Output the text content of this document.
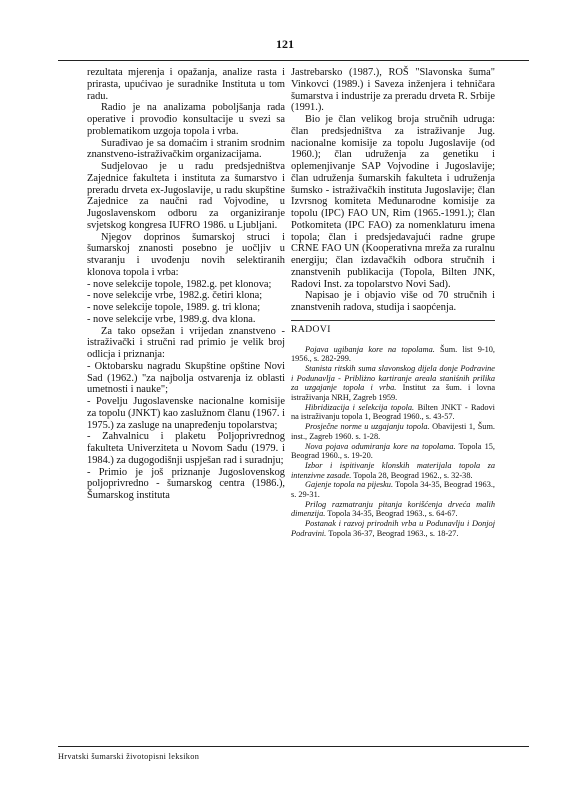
121

rezultata mjerenja i opažanja, analize rasta i prirasta, upućivao je suradnike Instituta u tom radu.

Radio je na analizama poboljšanja rada operative i provođio konsultacije u svezi sa problematikom uzgoja topola i vrba.

Surađivao je sa domaćim i stranim srodnim znanstveno-istraživačkim organizacijama.

Sudjelovao je u radu predsjedništva Zajednice fakulteta i instituta za šumarstvo i preradu drveta ex-Jugoslavije, u radu skupštine Zajednice za naučni rad Vojvodine, u Jugoslavenskom odboru za organiziranje svjetskog kongresa IUFRO 1986. u Ljubljani.

Njegov doprinos šumarskoj struci i šumarskoj znanosti posebno je uočljiv u stvaranju i uvođenju novih selektiranih klonova topola i vrba:

- nove selekcije topole, 1982.g. pet klonova;

- nove selekcije vrbe, 1982.g. četiri klona;

- nove selekcije topole, 1989. g. tri klona;

- nove selekcije vrbe, 1989.g. dva klona.

Za tako opsežan i vrijedan znanstveno - istraživački i stručni rad primio je velik broj odlicja i priznanja:

- Oktobarsku nagradu Skupštine opštine Novi Sad (1962.) "za najbolja ostvarenja iz oblasti umetnosti i nauke";

- Povelju Jugoslavenske nacionalne komisije za topolu (JNKT) kao zaslužnom članu (1967. i 1975.) za zasluge na unapređenju topolarstva;

- Zahvalnicu i plaketu Poljoprivrednog fakulteta Univerziteta u Novom Sadu (1979. i 1984.) za dugogodišnji uspješan rad i suradnju;

- Primio je još priznanje Jugoslovenskog poljoprivredno - šumarskog centra (1986.), Šumarskog instituta

Jastrebarsko (1987.), ROŠ "Slavonska šuma" Vinkovci (1989.) i Saveza inženjera i tehničara šumarstva i industrije za preradu drveta R. Srbije (1991.).

Bio je član velikog broja stručnih udruga: član predsjedništva za istraživanje Jug. nacionalne komisije za topolu Jugoslavije (od 1960.); član udruženja za genetiku i oplemenjivanje SAP Vojvodine i Jugoslavije; član udruženja šumarskih fakulteta i udruženja šumsko - istraživačkih instituta Jugoslavije; član Izvrsnog komiteta Međunarodne komisije za topolu (IPC) FAO UN, Rim (1965.-1991.); član Potkomiteta (IPC FAO) za nomenklaturu imena topola; član i predsjedavajući radne grupe CRNE FAO UN (Kooperativna mreža za ruralnu energiju; član izdavačkih odbora stručnih i znanstvenih publikacija (Topola, Bilten JNK, Radovi Inst. za topolarstvo Novi Sad).

Napisao je i objavio više od 70 stručnih i znanstvenih radova, studija i saopćenja.

RADOVI

Pojava ugibanja kore na topolama. Šum. list 9-10, 1956., s. 282-299.

Stanista ritskih suma slavonskog dijela donje Podravine i Podunavlja - Pribliżno kartiranje areala staniśnih prilika za uzgajanje topola i vrba. Institut za šum. i lovna istraživanja NRH, Zagreb 1959.

Hibridizacija i selekcija topola. Bilten JNKT - Radovi na istraživanju topola 1, Beograd 1960., s. 43-57.

Prosječne norme u uzgajanju topola. Obavijesti 1, Šum. inst., Zagreb 1960. s. 1-28.

Nova pojava odumiranja kore na topolama. Topola 15, Beograd 1960., s. 19-20.

Izbor i ispitivanje klonskih materijala topola za intenzivne zasade. Topola 28, Beograd 1962., s. 32-38.

Gajenje topola na pijesku. Topola 34-35, Beograd 1963., s. 29-31.

Prilog razmatranju pitanja korišćenja drveća malih dimenzija. Topola 34-35, Beograd 1963., s. 64-67.

Postanak i razvoj prirodnih vrba u Podunavlju i Donjoj Podravini. Topola 36-37, Beograd 1963., s. 18-27.

Hrvatski šumarski životopisni leksikon
